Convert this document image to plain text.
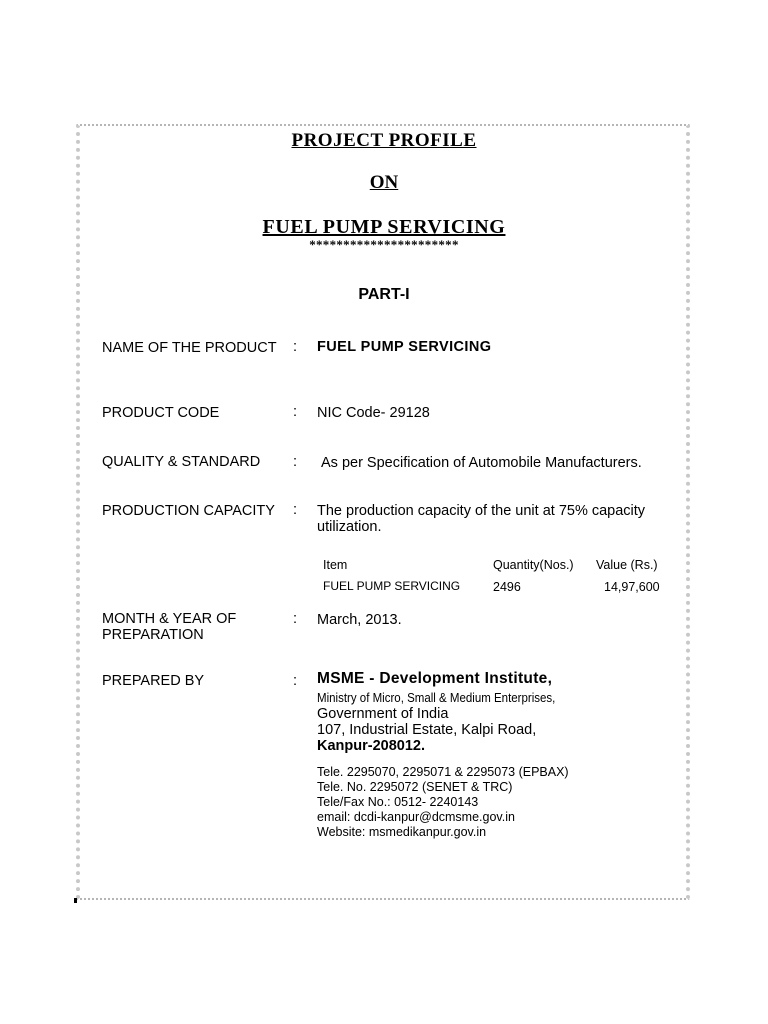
PROJECT PROFILE
ON
FUEL PUMP SERVICING
**********************
PART-I
NAME OF THE PRODUCT : FUEL PUMP SERVICING
PRODUCT CODE	: NIC Code- 29128
QUALITY & STANDARD : As per Specification of Automobile Manufacturers.
PRODUCTION CAPACITY : The production capacity of the unit at 75% capacity
utilization.
Item	Quantity(Nos.) Value (Rs.)
FUEL PUMP SERVICING	2496	14,97,600
MONTH & YEAR OF
PREPARATION
: March, 2013.
PREPARED BY	: MSME - Development Institute,
Ministry of Micro, Small & Medium Enterprises,
Government of India
107, Industrial Estate, Kalpi Road,
Kanpur-208012.
Tele. 2295070, 2295071 & 2295073 (EPBAX)
Tele. No. 2295072 (SENET & TRC)
Tele/Fax No.: 0512- 2240143
email: dcdi-kanpur@dcmsme.gov.in
Website: msmedikanpur.gov.in
